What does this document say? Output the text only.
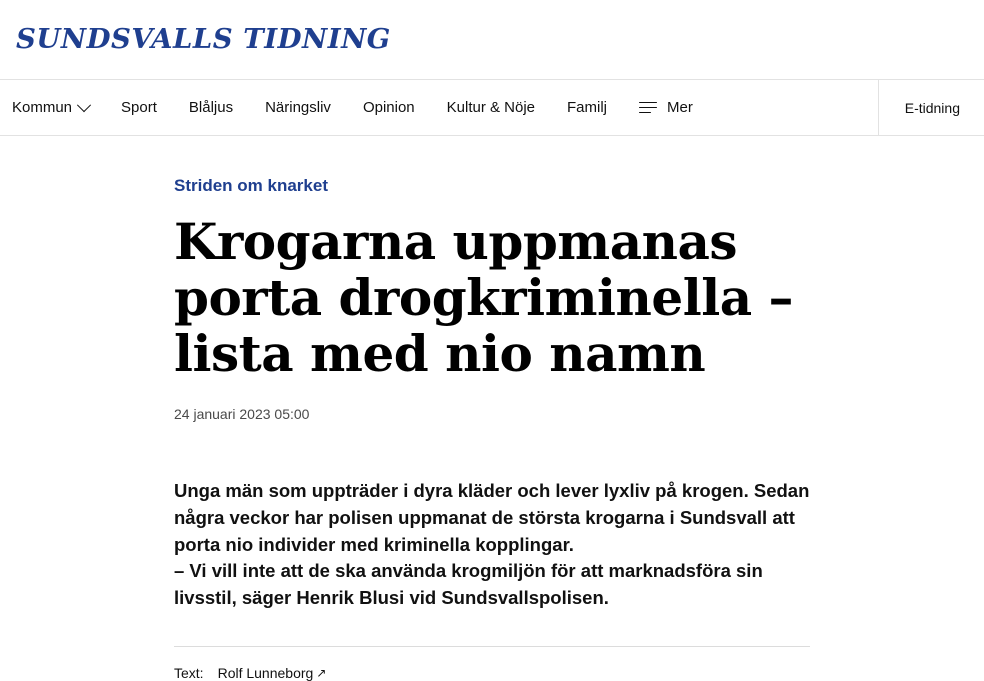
SUNDSVALLS TIDNING
Kommun	Sport Blåljus Näringsliv Opinion Kultur & Nöje Familj	Mer	E-tidning
Striden om knarket
Krogarna uppmanas porta drogkriminella – lista med nio namn
24 januari 2023 05:00

Unga män som uppträder i dyra kläder och lever lyxliv på krogen. Sedan några veckor har polisen uppmanat de största krogarna i Sundsvall att porta nio individer med kriminella kopplingar.

– Vi vill inte att de ska använda krogmiljön för att marknadsföra sin livsstil, säger Henrik Blusi vid Sundsvallspolisen.

Text: Rolf Lunneborg ↗
